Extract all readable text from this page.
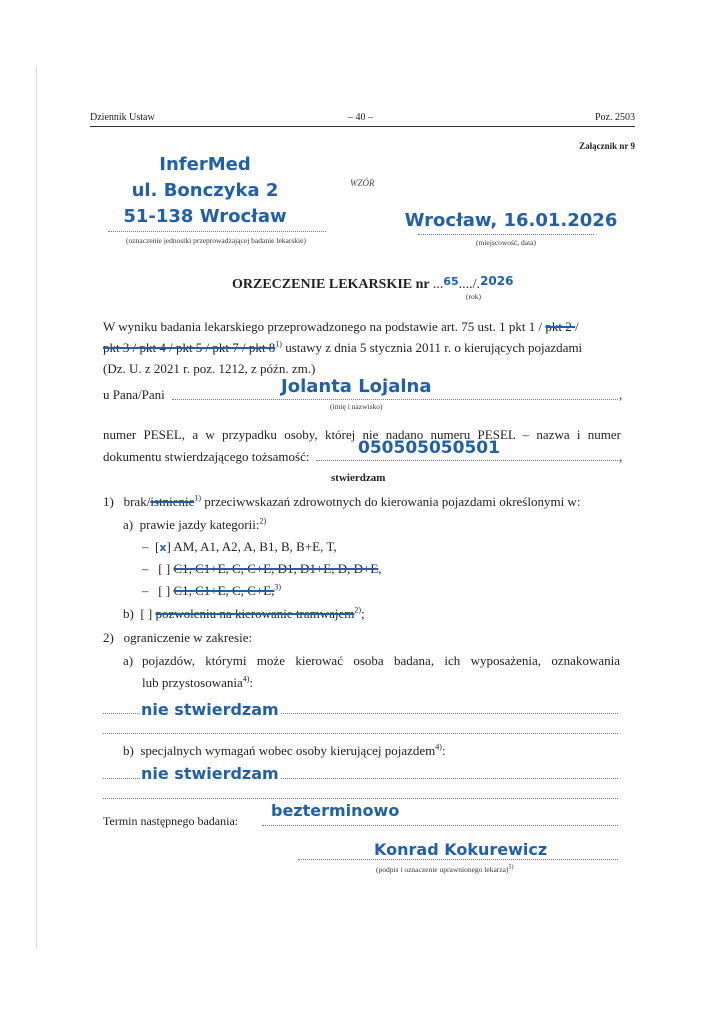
Dziennik Ustaw	– 40 –	Poz. 2503
Załącznik nr 9
WZÓR
InferMed
ul. Bonczyka 2
51-138 Wrocław
(oznaczenie jednostki przeprowadzającej badanie lekarskie)
Wrocław, 16.01.2026
(miejscowość, data)
ORZECZENIE LEKARSKIE nr ...$^{65}$..../.2026
(rok)
W wyniku badania lekarskiego przeprowadzonego na podstawie art. 75 ust. 1 pkt 1 / pkt 2 /
pkt 3 / pkt 4 / pkt 5 / pkt 7 / pkt 8$^{1)}$ ustawy z dnia 5 stycznia 2011 r. o kierujących pojazdami
(Dz. U. z 2021 r. poz. 1212, z późn. zm.)
u Pana/Pani	,
Jolanta Lojalna
(imię i nazwisko)
numer PESEL, a w przypadku osoby, której nie nadano numeru PESEL – nazwa i numer
dokumentu stwierdzającego tożsamość:	,
050505050501
stwierdzam
1) brak/istnienie$^{1)}$ przeciwwskazań zdrowotnych do kierowania pojazdami określonymi w:
a) prawie jazdy kategorii:$^{2)}$
– [x] AM, A1, A2, A, B1, B, B+E, T,
– [ ] C1, C1+E, C, C+E, D1, D1+E, D, D+E,
– [ ] C1, C1+E, C, C+E,$^{3)}$
b) [ ] pozwoleniu na kierowanie tramwajem$^{2)}$;
2) ograniczenie w zakresie:
a) pojazdów, którymi może kierować osoba badana, ich wyposażenia, oznakowania
lub przystosowania$^{4)}$:
nie stwierdzam
b) specjalnych wymagań wobec osoby kierującej pojazdem$^{4)}$:
nie stwierdzam
Termin następnego badania:
bezterminowo
Konrad Kokurewicz
(podpis i oznaczenie uprawnionego lekarza)$^{5)}$
